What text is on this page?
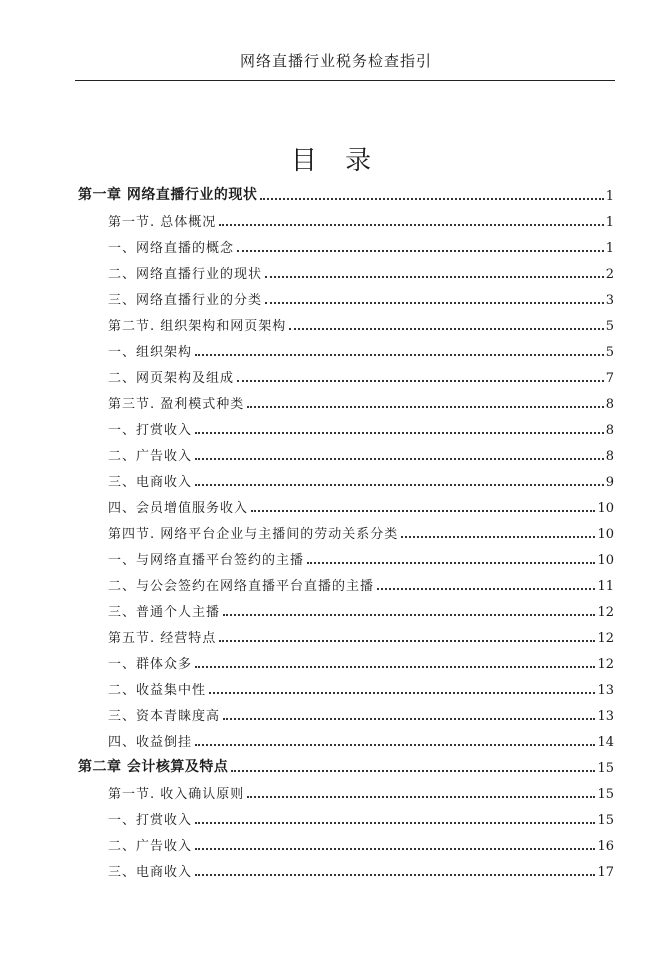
网络直播行业税务检查指引
目 录
第一章 网络直播行业的现状	1
第一节. 总体概况	1
一、网络直播的概念	1
二、网络直播行业的现状	2
三、网络直播行业的分类	3
第二节. 组织架构和网页架构	5
一、组织架构	5
二、网页架构及组成	7
第三节. 盈利模式种类	8
一、打赏收入	8
二、广告收入	8
三、电商收入	9
四、会员增值服务收入	10
第四节. 网络平台企业与主播间的劳动关系分类	10
一、与网络直播平台签约的主播	10
二、与公会签约在网络直播平台直播的主播	11
三、普通个人主播	12
第五节. 经营特点	12
一、群体众多	12
二、收益集中性	13
三、资本青睐度高	13
四、收益倒挂	14
第二章 会计核算及特点	15
第一节. 收入确认原则	15
一、打赏收入	15
二、广告收入	16
三、电商收入	17
